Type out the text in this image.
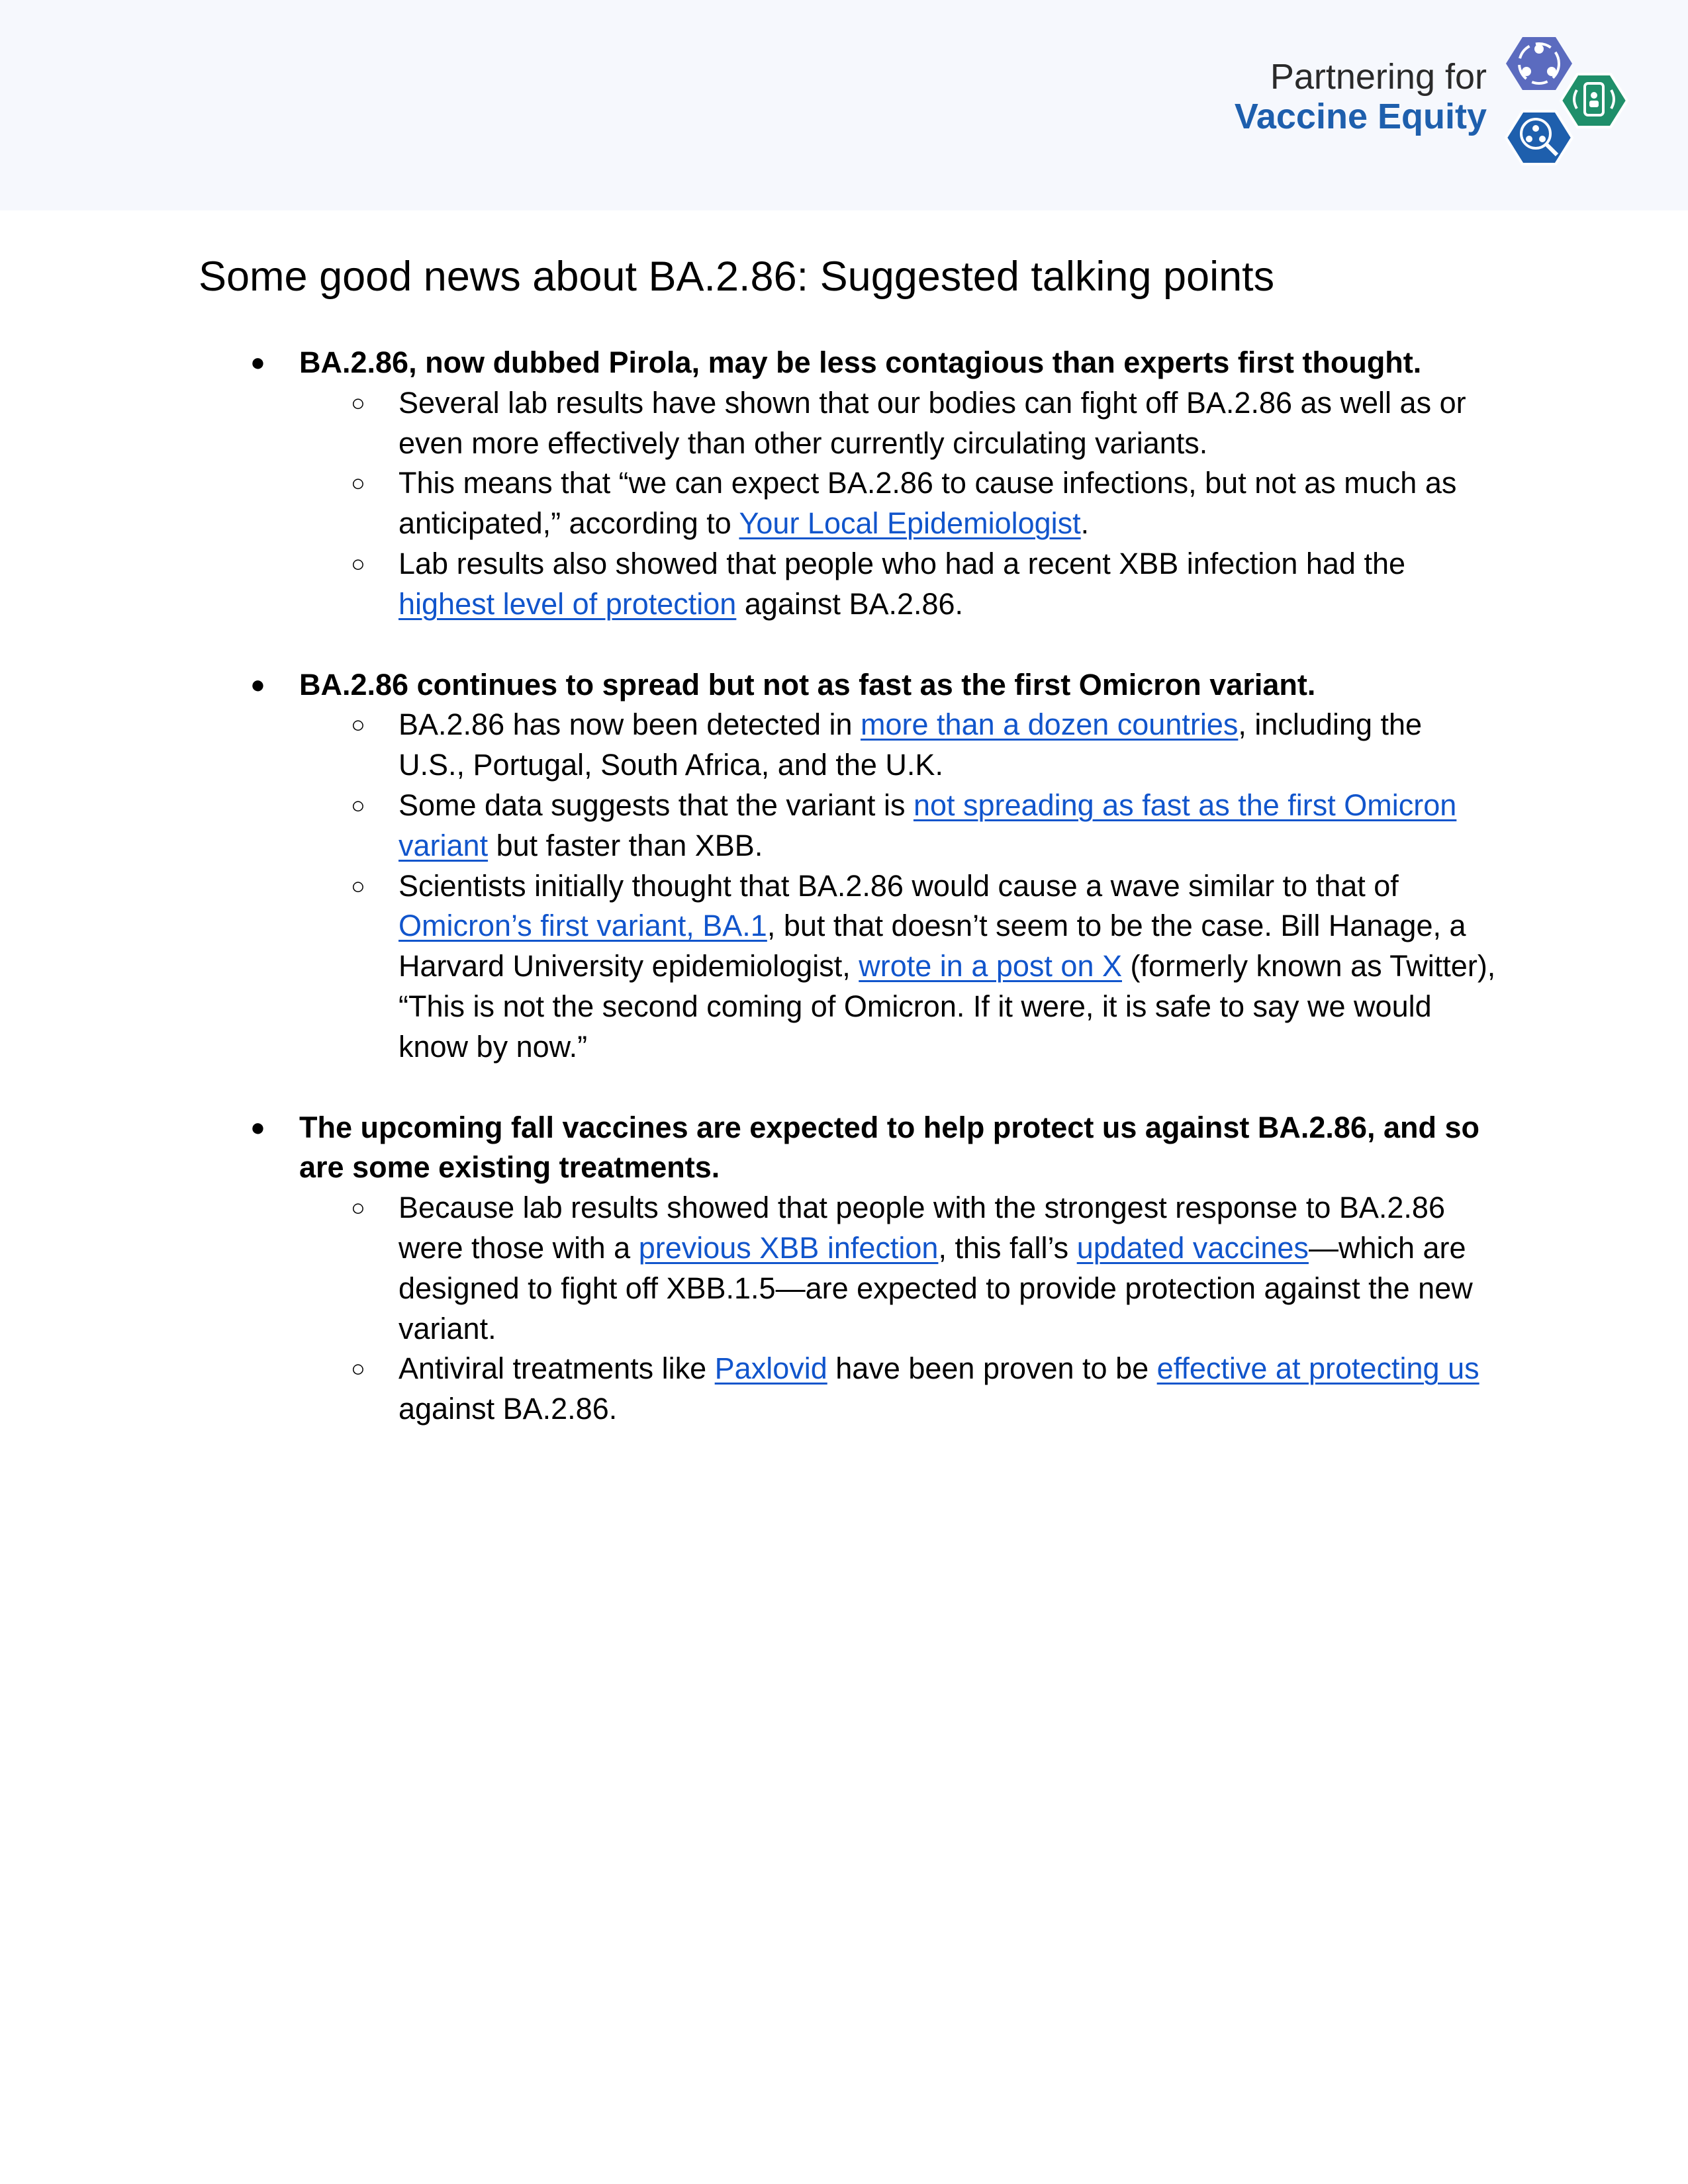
Partnering for
Vaccine Equity
Some good news about BA.2.86: Suggested talking points
● BA.2.86, now dubbed Pirola, may be less contagious than experts first thought.
○ Several lab results have shown that our bodies can fight off BA.2.86 as well as or even more effectively than other currently circulating variants.
○ This means that “we can expect BA.2.86 to cause infections, but not as much as anticipated,” according to Your Local Epidemiologist.
○ Lab results also showed that people who had a recent XBB infection had the highest level of protection against BA.2.86.
● BA.2.86 continues to spread but not as fast as the first Omicron variant.
○ BA.2.86 has now been detected in more than a dozen countries, including the U.S., Portugal, South Africa, and the U.K.
○ Some data suggests that the variant is not spreading as fast as the first Omicron variant but faster than XBB.
○ Scientists initially thought that BA.2.86 would cause a wave similar to that of Omicron’s first variant, BA.1, but that doesn’t seem to be the case. Bill Hanage, a Harvard University epidemiologist, wrote in a post on X (formerly known as Twitter), “This is not the second coming of Omicron. If it were, it is safe to say we would know by now.”
● The upcoming fall vaccines are expected to help protect us against BA.2.86, and so are some existing treatments.
○ Because lab results showed that people with the strongest response to BA.2.86 were those with a previous XBB infection, this fall’s updated vaccines—which are designed to fight off XBB.1.5—are expected to provide protection against the new variant.
○ Antiviral treatments like Paxlovid have been proven to be effective at protecting us against BA.2.86.
